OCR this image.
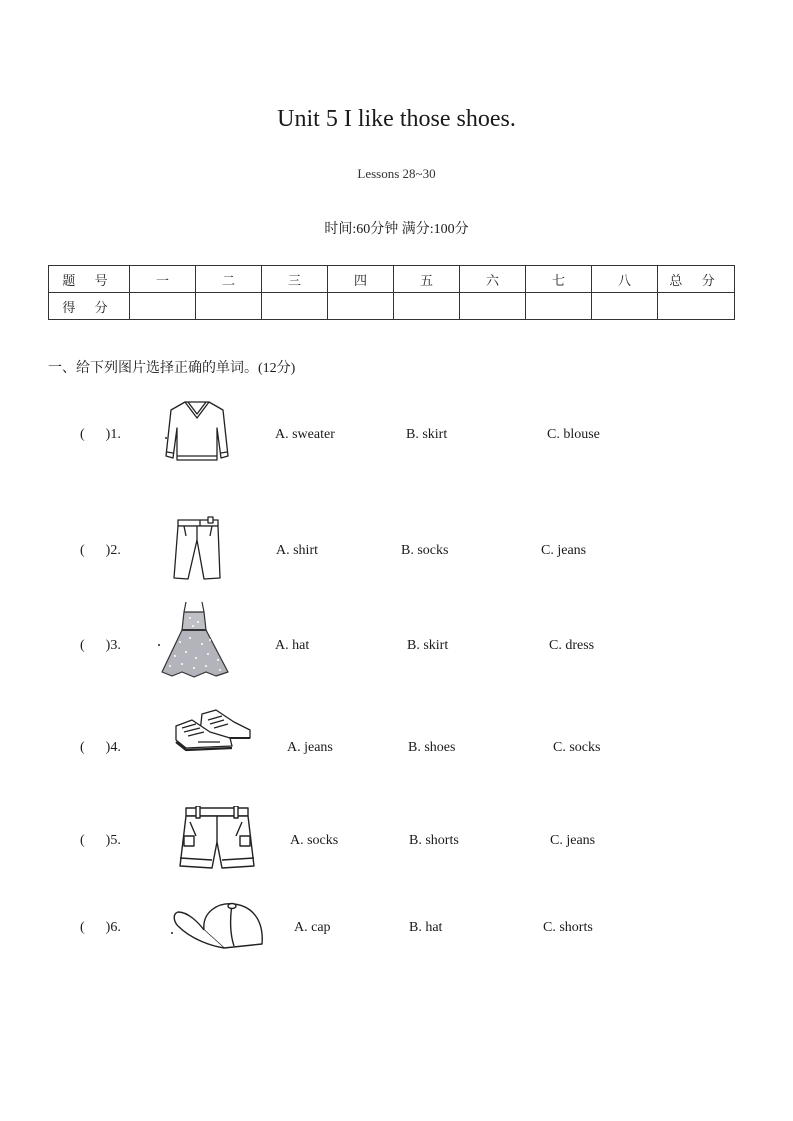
Unit 5 I like those shoes.
Lessons 28~30
时间:60分钟 满分:100分
题 号	一	二	三	四	五	六	七	八	总 分
得 分									
一、给下列图片选择正确的单词。(12分)
(      )1.	A. sweater	B. skirt	C. blouse
(      )2.	A. shirt	B. socks	C. jeans
(      )3.	A. hat	B. skirt	C. dress
(      )4.	A. jeans	B. shoes	C. socks
(      )5.	A. socks	B. shorts	C. jeans
(      )6.	A. cap	B. hat	C. shorts
